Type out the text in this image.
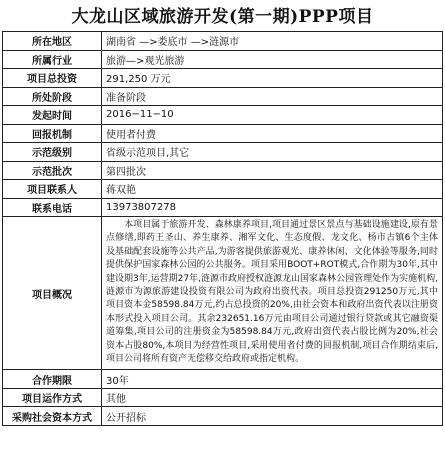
大龙山区域旅游开发(第一期)PPP项目
所在地区	湖南省 —>娄底市 —>涟源市
所属行业	旅游—>观光旅游
项目总投资	291,250 万元
所处阶段	准备阶段
发起时间	2016−11−10
回报机制	使用者付费
示范级别	省级示范项目,其它
示范批次	第四批次
项目联系人	蒋双艳
联系电话	13973807278
项目概况	本项目属于旅游开发、森林康养项目,项目通过景区景点与基础设施建设,原有景点修缮,即药王圣山、养生康养、湘军文化、生态度假、龙文化、杨市古镇6个主体及基础配套设施等公共产品,为游客提供旅游观光、康养休闲、文化体验等服务,同时提供保护国家森林公园的公共服务。项目采用BOOT+ROT模式,合作期为30年,其中建设期3年,运营期27年,涟源市政府授权涟源龙山国家森林公园管理处作为实施机构,涟源市为源旅游建设投资有限公司为政府出资代表。项目总投资291250万元,其中项目资本金58598.84万元,约占总投资的20%,由社会资本和政府出资代表以注册资本形式投入项目公司。其余232651.16万元由项目公司通过银行贷款或其它融资渠道筹集,项目公司的注册资金为58598.84万元,政府出资代表占股比例为20%,社会资本占股80%,本项目为经营性项目,采用使用者付费的回报机制,项目合作期结束后,项目公司将所有资产无偿移交给政府或指定机构。
合作期限	30年
项目运作方式	其他
采购社会资本方式	公开招标
